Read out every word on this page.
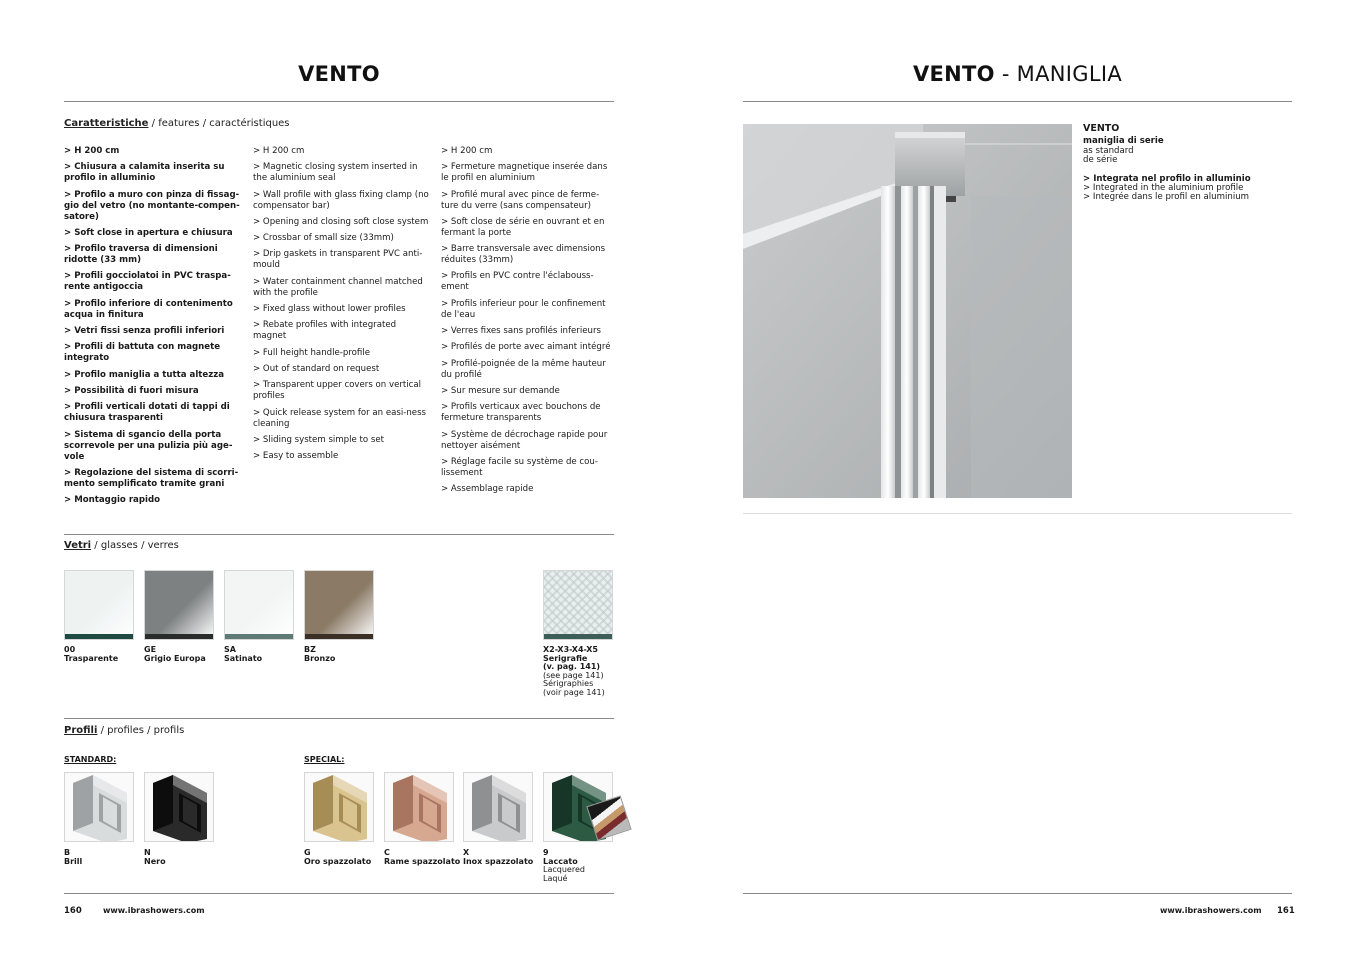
VENTO
Caratteristiche / features / caractéristiques
> H 200 cm
> Chiusura a calamita inserita su profilo in alluminio
> Profilo a muro con pinza di fissag-gio del vetro (no montante-compen-satore)
> Soft close in apertura e chiusura
> Profilo traversa di dimensioni ridotte (33 mm)
> Profili gocciolatoi in PVC traspa-rente antigoccia
> Profilo inferiore di contenimento acqua in finitura
> Vetri fissi senza profili inferiori
> Profili di battuta con magnete integrato
> Profilo maniglia a tutta altezza
> Possibilità di fuori misura
> Profili verticali dotati di tappi di chiusura trasparenti
> Sistema di sgancio della porta scorrevole per una pulizia più age-vole
> Regolazione del sistema di scorri-mento semplificato tramite grani
> Montaggio rapido
> H 200 cm
> Magnetic closing system inserted in the aluminium seal
> Wall profile with glass fixing clamp (no compensator bar)
> Opening and closing soft close system
> Crossbar of small size (33mm)
> Drip gaskets in transparent PVC anti-mould
> Water containment channel matched with the profile
> Fixed glass without lower profiles
> Rebate profiles with integrated magnet
> Full height handle-profile
> Out of standard on request
> Transparent upper covers on vertical profiles
> Quick release system for an easi-ness cleaning
> Sliding system simple to set
> Easy to assemble
> H 200 cm
> Fermeture magnetique inserée dans le profil en aluminium
> Profilé mural avec pince de ferme-ture du verre (sans compensateur)
> Soft close de série en ouvrant et en fermant la porte
> Barre transversale avec dimensions réduites (33mm)
> Profils en PVC contre l'éclabouss-ement
> Profils inferieur pour le confinement de l'eau
> Verres fixes sans profilés inferieurs
> Profilés de porte avec aimant intégré
> Profilé-poignée de la même hauteur du profilé
> Sur mesure sur demande
> Profils verticaux avec bouchons de fermeture transparents
> Système de décrochage rapide pour nettoyer aisément
> Réglage facile su système de cou-lissement
> Assemblage rapide
Vetri / glasses / verres
00
Trasparente
GE
Grigio Europa
SA
Satinato
BZ
Bronzo
X2-X3-X4-X5
Serigrafie
(v. pag. 141)
(see page 141)
Sérigraphies
(voir page 141)
Profili / profiles / profils
STANDARD:	SPECIAL:
B
Brill
N
Nero
G
Oro spazzolato
C
Rame spazzolato
X
Inox spazzolato
9
Laccato
Lacquered
Laqué
160	www.ibrashowers.com
VENTO - MANIGLIA
VENTO
maniglia di serie
as standard
de série
> Integrata nel profilo in alluminio
> Integrated in the aluminium profile
> Integrée dans le profil en aluminium
www.ibrashowers.com 161
